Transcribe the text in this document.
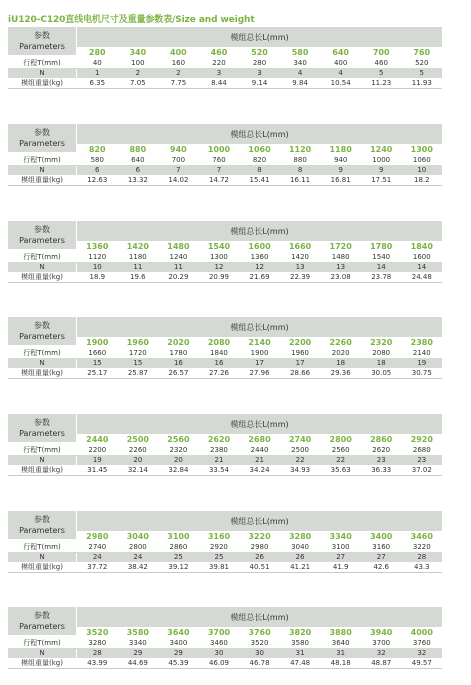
iU120-C120直线电机尺寸及重量参数表/Size and weight
参数
Parameters
模组总长L(mm)
280	340	400	460	520	580	640	700	760
行程T(mm)	40	100	160	220	280	340	400	460	520
N	1	2	2	3	3	4	4	5	5
模组重量(kg)	6.35	7.05	7.75	8.44	9.14	9.84	10.54	11.23	11.93
参数
Parameters
模组总长L(mm)
820	880	940	1000	1060	1120	1180	1240	1300
行程T(mm)	580	640	700	760	820	880	940	1000	1060
N	6	6	7	7	8	8	9	9	10
模组重量(kg)	12.63	13.32	14.02	14.72	15.41	16.11	16.81	17.51	18.2
参数
Parameters
模组总长L(mm)
1360	1420	1480	1540	1600	1660	1720	1780	1840
行程T(mm)	1120	1180	1240	1300	1360	1420	1480	1540	1600
N	10	11	11	12	12	13	13	14	14
模组重量(kg)	18.9	19.6	20.29	20.99	21.69	22.39	23.08	23.78	24.48
参数
Parameters
模组总长L(mm)
1900	1960	2020	2080	2140	2200	2260	2320	2380
行程T(mm)	1660	1720	1780	1840	1900	1960	2020	2080	2140
N	15	15	16	16	17	17	18	18	19
模组重量(kg)	25.17	25.87	26.57	27.26	27.96	28.66	29.36	30.05	30.75
参数
Parameters
模组总长L(mm)
2440	2500	2560	2620	2680	2740	2800	2860	2920
行程T(mm)	2200	2260	2320	2380	2440	2500	2560	2620	2680
N	19	20	20	21	21	22	22	23	23
模组重量(kg)	31.45	32.14	32.84	33.54	34.24	34.93	35.63	36.33	37.02
参数
Parameters
模组总长L(mm)
2980	3040	3100	3160	3220	3280	3340	3400	3460
行程T(mm)	2740	2800	2860	2920	2980	3040	3100	3160	3220
N	24	24	25	25	26	26	27	27	28
模组重量(kg)	37.72	38.42	39.12	39.81	40.51	41.21	41.9	42.6	43.3
参数
Parameters
模组总长L(mm)
3520	3580	3640	3700	3760	3820	3880	3940	4000
行程T(mm)	3280	3340	3400	3460	3520	3580	3640	3700	3760
N	28	29	29	30	30	31	31	32	32
模组重量(kg)	43.99	44.69	45.39	46.09	46.78	47.48	48.18	48.87	49.57
